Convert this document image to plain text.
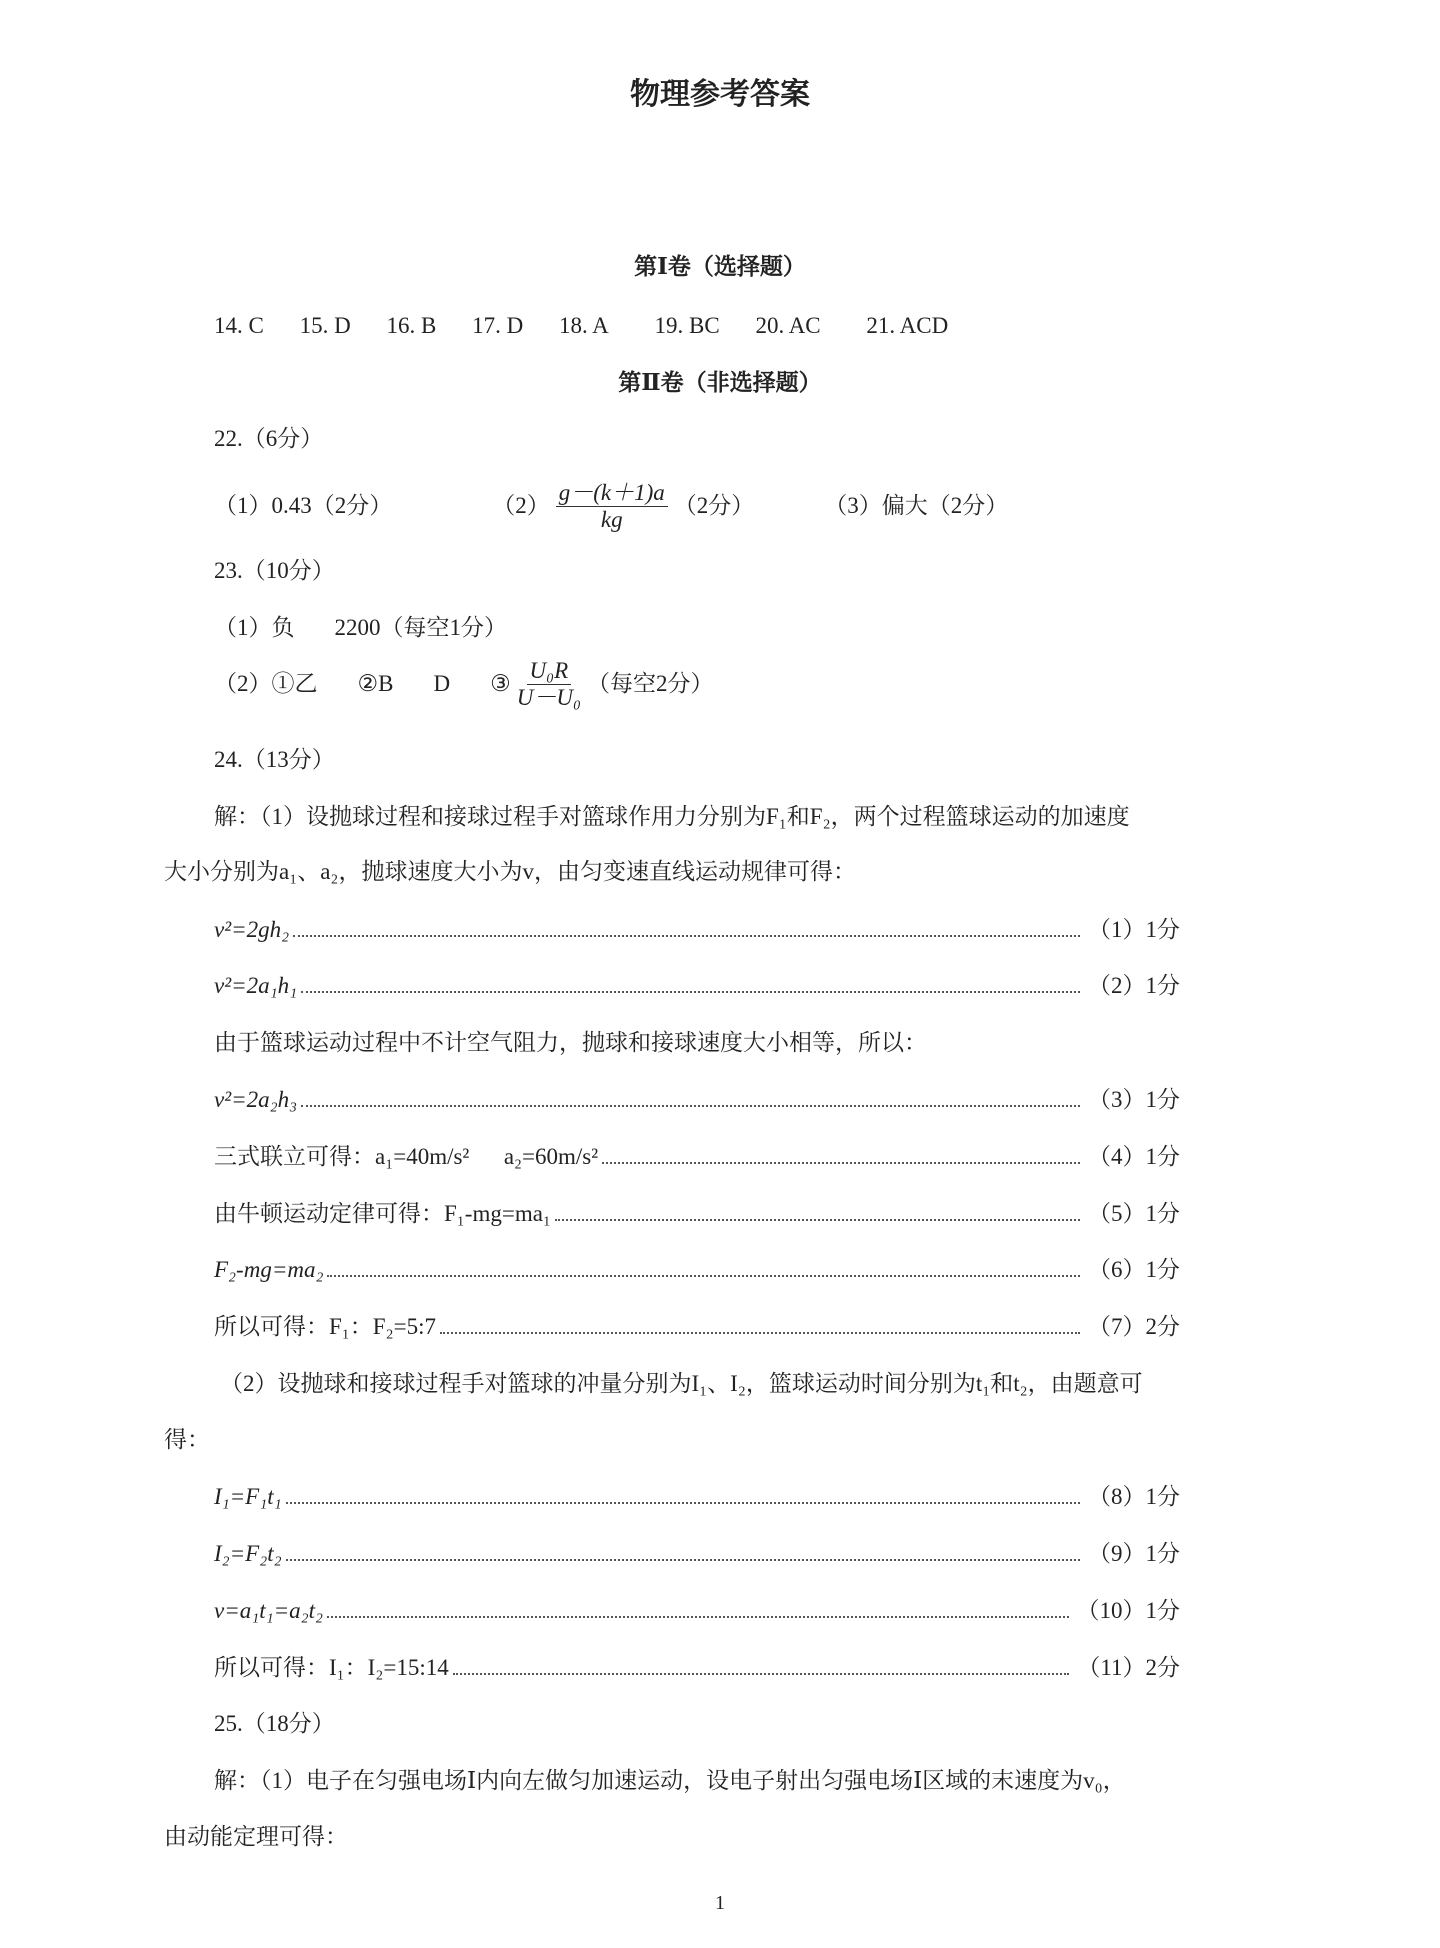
物理参考答案
第Ⅰ卷（选择题）
14. C 15. D 16. B 17. D 18. A 19. BC 20. AC 21. ACD
第Ⅱ卷（非选择题）
22.（6分）
（1）0.43（2分）	$(2) \frac{g-(k+1)a}{kg} (2$分）	（3）偏大（2分）
23.（10分）
（1）负 2200（每空1分）
（2）①乙 ②B D ③ $\frac{\text{U₀R}}{\text{U－U₀}}$ （每空2分）
24.（13分）
解：（1）设抛球过程和接球过程手对篮球作用力分别为F₁和F₂，两个过程篮球运动的加速度
大小分别为a₁、a₂，抛球速度大小为v，由匀变速直线运动规律可得：
v²=2gh₂	（1）1分
v²=2a₁h₁	（2）1分
由于篮球运动过程中不计空气阻力，抛球和接球速度大小相等，所以：
v²=2a₂h₃	（3）1分
三式联立可得：a₁=40m/s²      a₂=60m/s²	（4）1分
由牛顿运动定律可得：F₁-mg=ma₁	（5）1分
F₂-mg=ma₂	（6）1分
所以可得：F₁：F₂=5:7	（7）2分
（2）设抛球和接球过程手对篮球的冲量分别为I₁、I₂，篮球运动时间分别为t₁和t₂，由题意可
得：
I₁=F₁t₁	（8）1分
I₂=F₂t₂	（9）1分
v=a₁t₁=a₂t₂	（10）1分
所以可得：I₁：I₂=15:14	（11）2分
25.（18分）
解：（1）电子在匀强电场Ⅰ内向左做匀加速运动，设电子射出匀强电场Ⅰ区域的末速度为v₀，
由动能定理可得：
1
